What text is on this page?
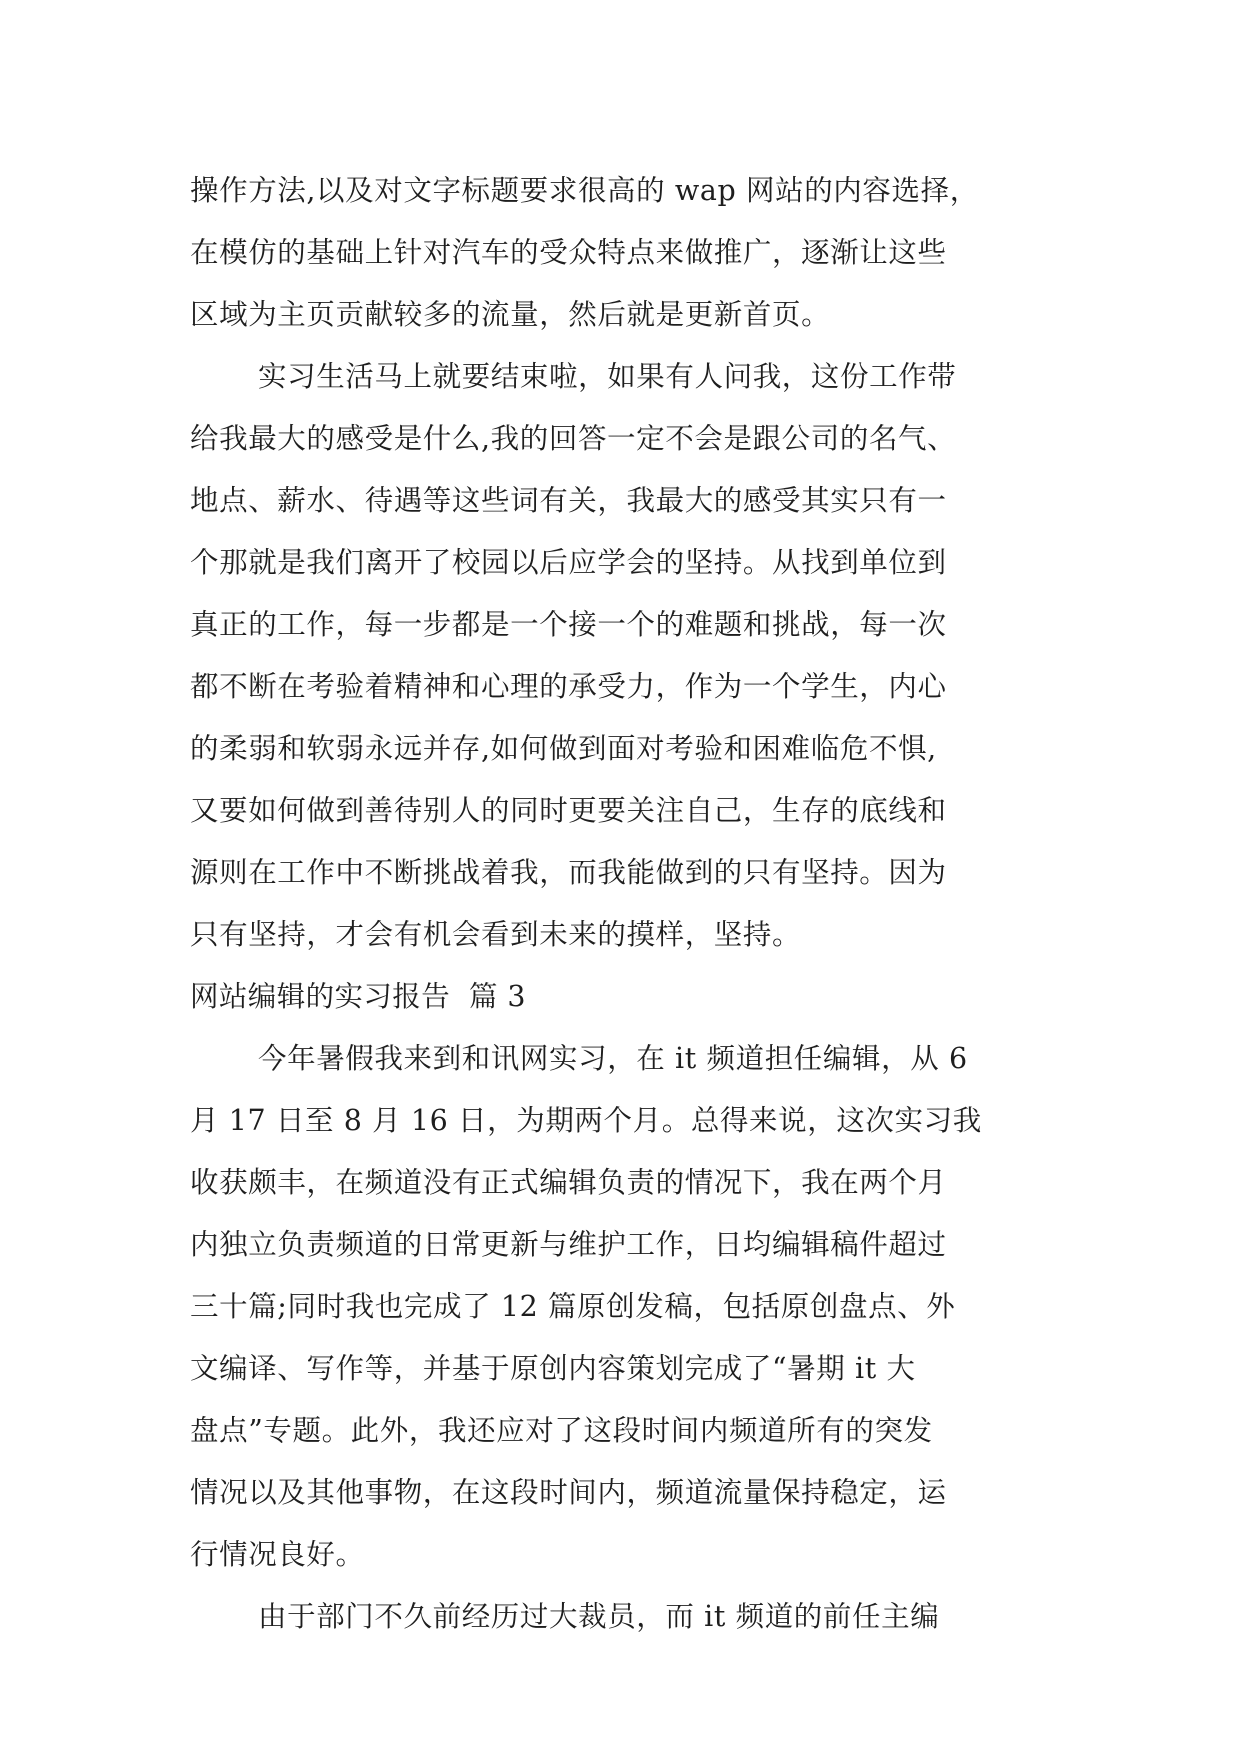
操作方法,以及对文字标题要求很高的 wap 网站的内容选择，
在模仿的基础上针对汽车的受众特点来做推广，逐渐让这些
区域为主页贡献较多的流量，然后就是更新首页。
实习生活马上就要结束啦，如果有人问我，这份工作带
给我最大的感受是什么,我的回答一定不会是跟公司的名气、
地点、薪水、待遇等这些词有关，我最大的感受其实只有一
个那就是我们离开了校园以后应学会的坚持。从找到单位到
真正的工作，每一步都是一个接一个的难题和挑战，每一次
都不断在考验着精神和心理的承受力，作为一个学生，内心
的柔弱和软弱永远并存,如何做到面对考验和困难临危不惧,
又要如何做到善待别人的同时更要关注自己，生存的底线和
源则在工作中不断挑战着我，而我能做到的只有坚持。因为
只有坚持，才会有机会看到未来的摸样，坚持。
网站编辑的实习报告  篇 3
今年暑假我来到和讯网实习，在 it 频道担任编辑，从 6
月 17 日至 8 月 16 日，为期两个月。总得来说，这次实习我
收获颇丰，在频道没有正式编辑负责的情况下，我在两个月
内独立负责频道的日常更新与维护工作，日均编辑稿件超过
三十篇;同时我也完成了 12 篇原创发稿，包括原创盘点、外
文编译、写作等，并基于原创内容策划完成了“暑期 it 大
盘点”专题。此外，我还应对了这段时间内频道所有的突发
情况以及其他事物，在这段时间内，频道流量保持稳定，运
行情况良好。
由于部门不久前经历过大裁员，而 it 频道的前任主编
